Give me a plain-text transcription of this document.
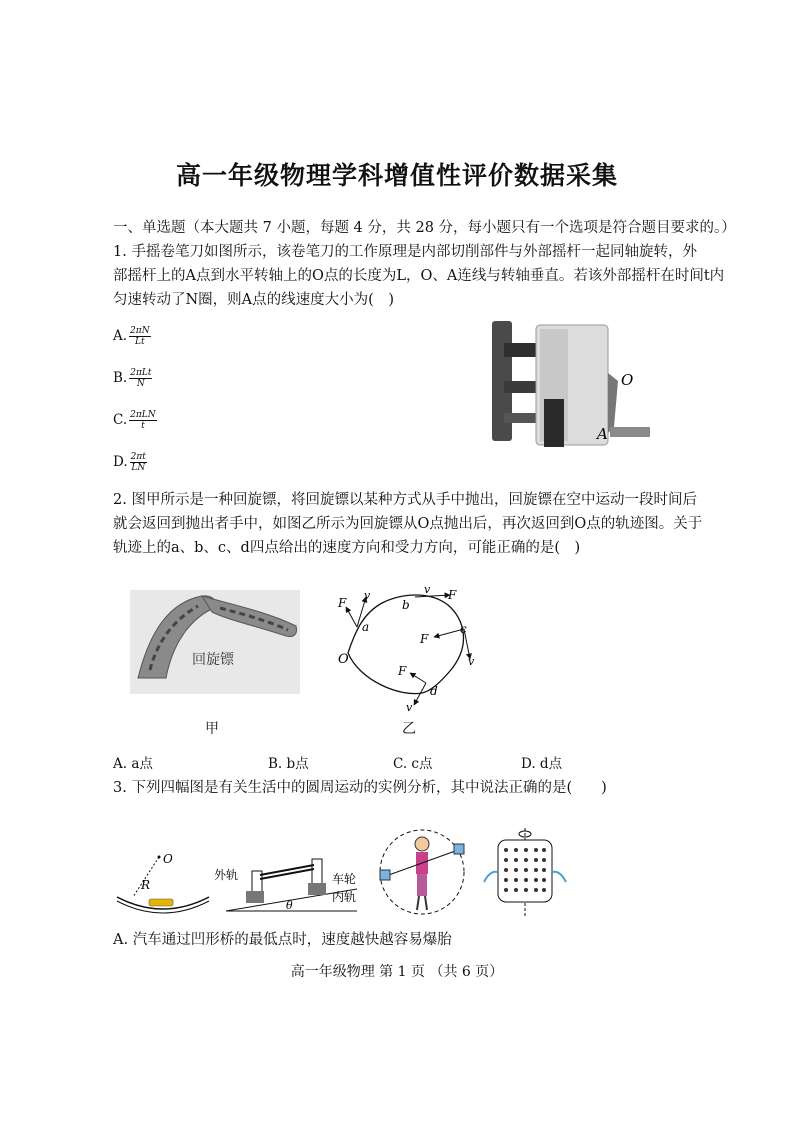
高一年级物理学科增值性评价数据采集
一、单选题（本大题共 7 小题，每题 4 分，共 28 分，每小题只有一个选项是符合题目要求的。）
1. 手摇卷笔刀如图所示，该卷笔刀的工作原理是内部切削部件与外部摇杆一起同轴旋转，外
部摇杆上的A点到水平转轴上的O点的长度为L，O、A连线与转轴垂直。若该外部摇杆在时间t内
匀速转动了N圈，则A点的线速度大小为(　)
A. $\frac{2\pi N}{Lt}$
B. $\frac{\text{2πLt}}{N}$
C. $\frac{\text{2πLN}}{t}$
D. $\frac{2\pi t}{LN}$
O
A
2. 图甲所示是一种回旋镖，将回旋镖以某种方式从手中抛出，回旋镖在空中运动一段时间后
就会返回到抛出者手中，如图乙所示为回旋镖从O点抛出后，再次返回到O点的轨迹图。关于
轨迹上的a、b、c、d四点给出的速度方向和受力方向，可能正确的是(　)
回旋镖
甲
O
a
b
c
d
F
v	v F
F
v
F
v
乙
A. a点	B. b点	C. c点	D. d点
3. 下列四幅图是有关生活中的圆周运动的实例分析，其中说法正确的是(　　)
O
R
外轨	车轮
内轨
θ
A. 汽车通过凹形桥的最低点时，速度越快越容易爆胎
高一年级物理 第 1 页 （共 6 页）
